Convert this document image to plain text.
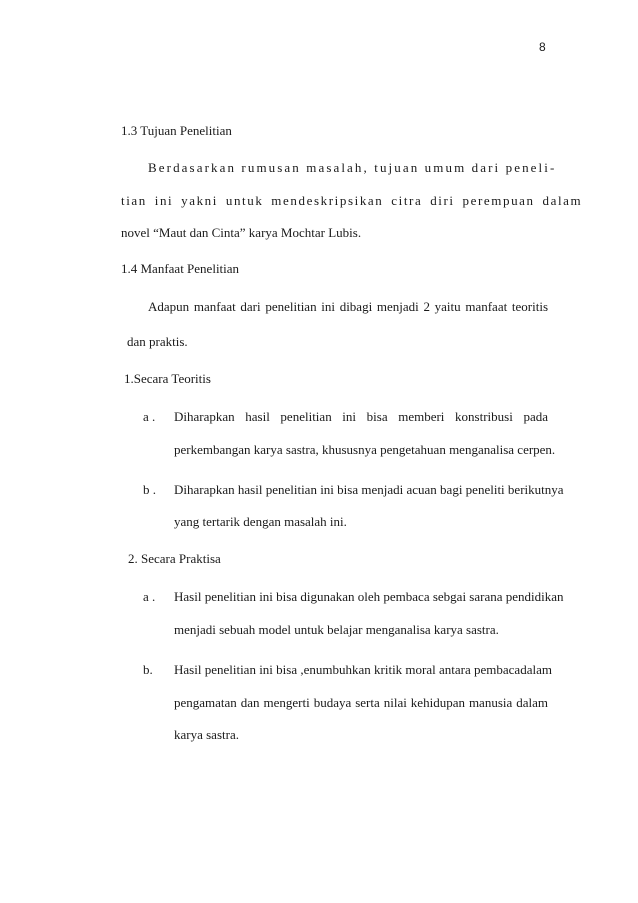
8
1.3 Tujuan Penelitian
Berdasarkan rumusan masalah, tujuan umum dari peneli-
tian ini yakni untuk mendeskripsikan citra diri perempuan dalam
novel “Maut dan Cinta” karya Mochtar Lubis.
1.4 Manfaat Penelitian
Adapun manfaat dari penelitian ini dibagi menjadi 2 yaitu manfaat teoritis
dan praktis.
1.Secara Teoritis
a . Diharapkan hasil penelitian ini bisa memberi konstribusi pada
perkembangan karya sastra, khususnya pengetahuan menganalisa cerpen.
b . Diharapkan hasil penelitian ini bisa menjadi acuan bagi peneliti berikutnya
yang tertarik dengan masalah ini.
2. Secara Praktisa
a . Hasil penelitian ini bisa digunakan oleh pembaca sebgai sarana pendidikan
menjadi sebuah model untuk belajar menganalisa karya sastra.
b. Hasil penelitian ini bisa ,enumbuhkan kritik moral antara pembacadalam
pengamatan dan mengerti budaya serta nilai kehidupan manusia dalam
karya sastra.
